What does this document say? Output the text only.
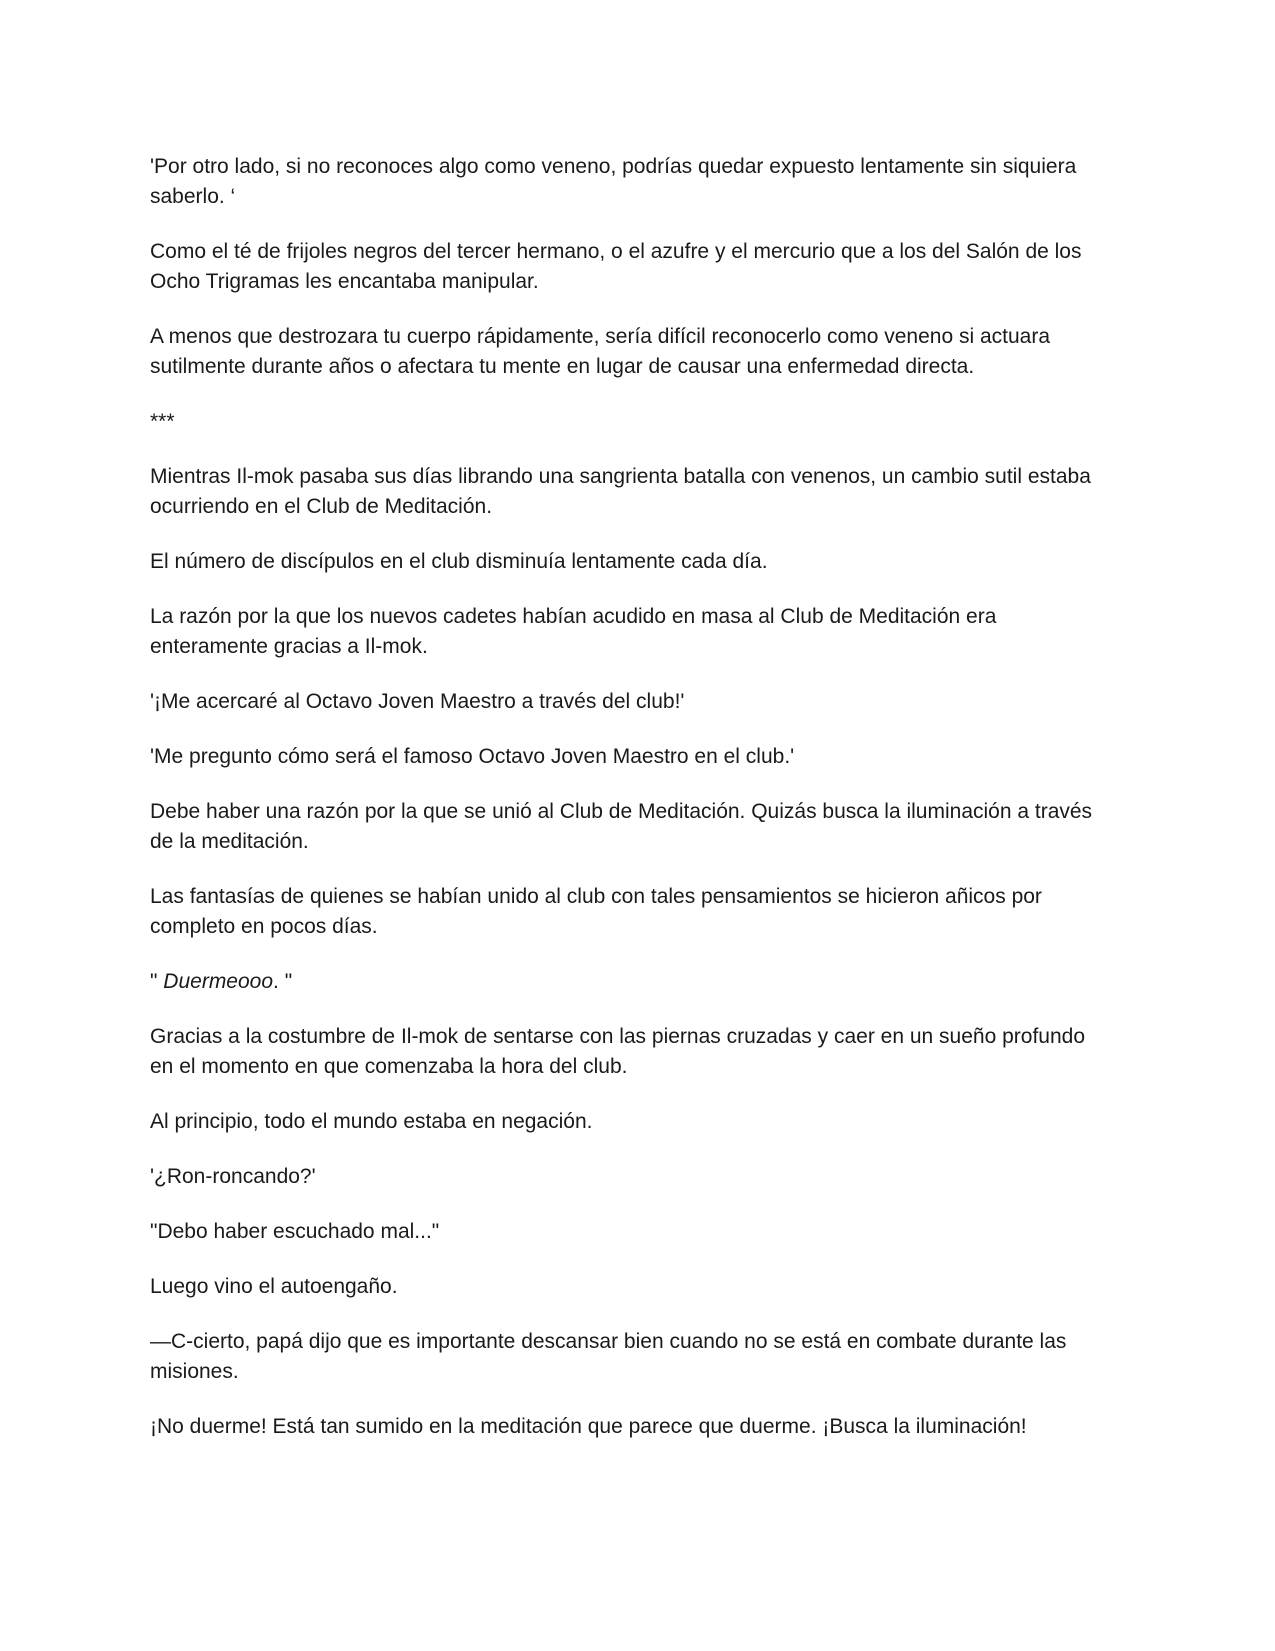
'Por otro lado, si no reconoces algo como veneno, podrías quedar expuesto lentamente sin siquiera saberlo. ‘

Como el té de frijoles negros del tercer hermano, o el azufre y el mercurio que a los del Salón de los Ocho Trigramas les encantaba manipular.

A menos que destrozara tu cuerpo rápidamente, sería difícil reconocerlo como veneno si actuara sutilmente durante años o afectara tu mente en lugar de causar una enfermedad directa.

***

Mientras Il-mok pasaba sus días librando una sangrienta batalla con venenos, un cambio sutil estaba ocurriendo en el Club de Meditación.

El número de discípulos en el club disminuía lentamente cada día.

La razón por la que los nuevos cadetes habían acudido en masa al Club de Meditación era enteramente gracias a Il-mok.

'¡Me acercaré al Octavo Joven Maestro a través del club!'

'Me pregunto cómo será el famoso Octavo Joven Maestro en el club.'

Debe haber una razón por la que se unió al Club de Meditación. Quizás busca la iluminación a través de la meditación.

Las fantasías de quienes se habían unido al club con tales pensamientos se hicieron añicos por completo en pocos días.

" Duermeooo. "

Gracias a la costumbre de Il-mok de sentarse con las piernas cruzadas y caer en un sueño profundo en el momento en que comenzaba la hora del club.

Al principio, todo el mundo estaba en negación.

'¿Ron-roncando?'

"Debo haber escuchado mal..."

Luego vino el autoengaño.

—C-cierto, papá dijo que es importante descansar bien cuando no se está en combate durante las misiones.

¡No duerme! Está tan sumido en la meditación que parece que duerme. ¡Busca la iluminación!
